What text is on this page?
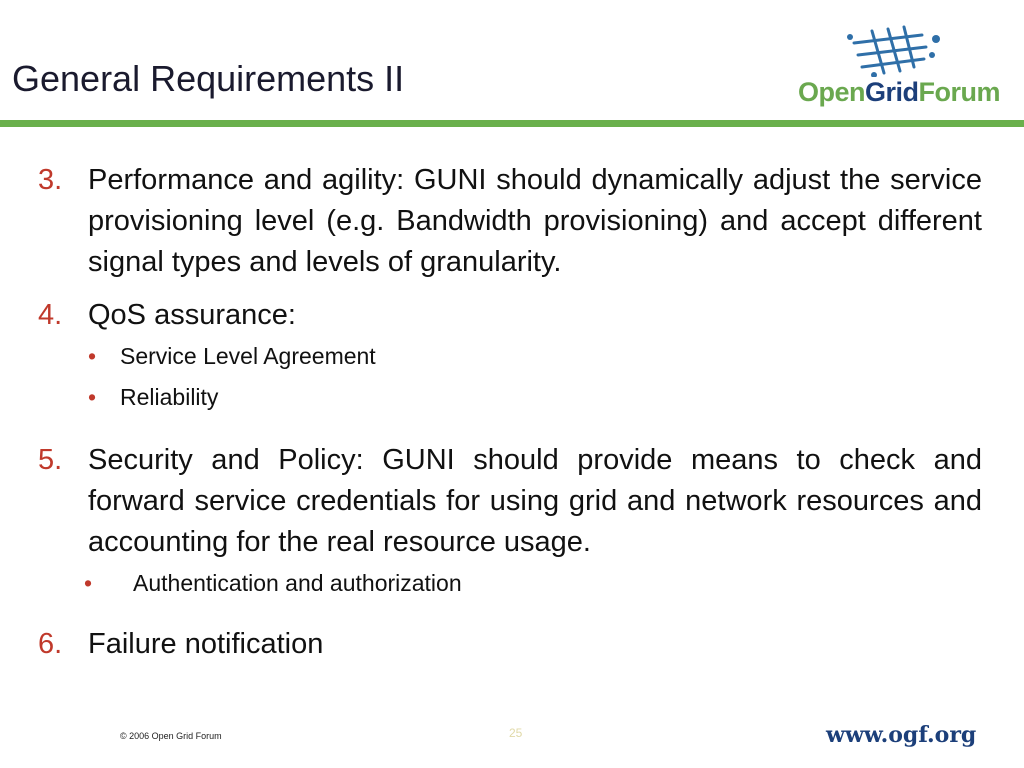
General Requirements II	OpenGridForum
3. Performance and agility: GUNI should dynamically adjust the service provisioning level (e.g. Bandwidth provisioning) and accept different signal types and levels of granularity.
4. QoS assurance:
• Service Level Agreement
• Reliability
5. Security and Policy: GUNI should provide means to check and forward service credentials for using grid and network resources and accounting for the real resource usage.
• Authentication and authorization
6. Failure notification
© 2006 Open Grid Forum	25	www.ogf.org
